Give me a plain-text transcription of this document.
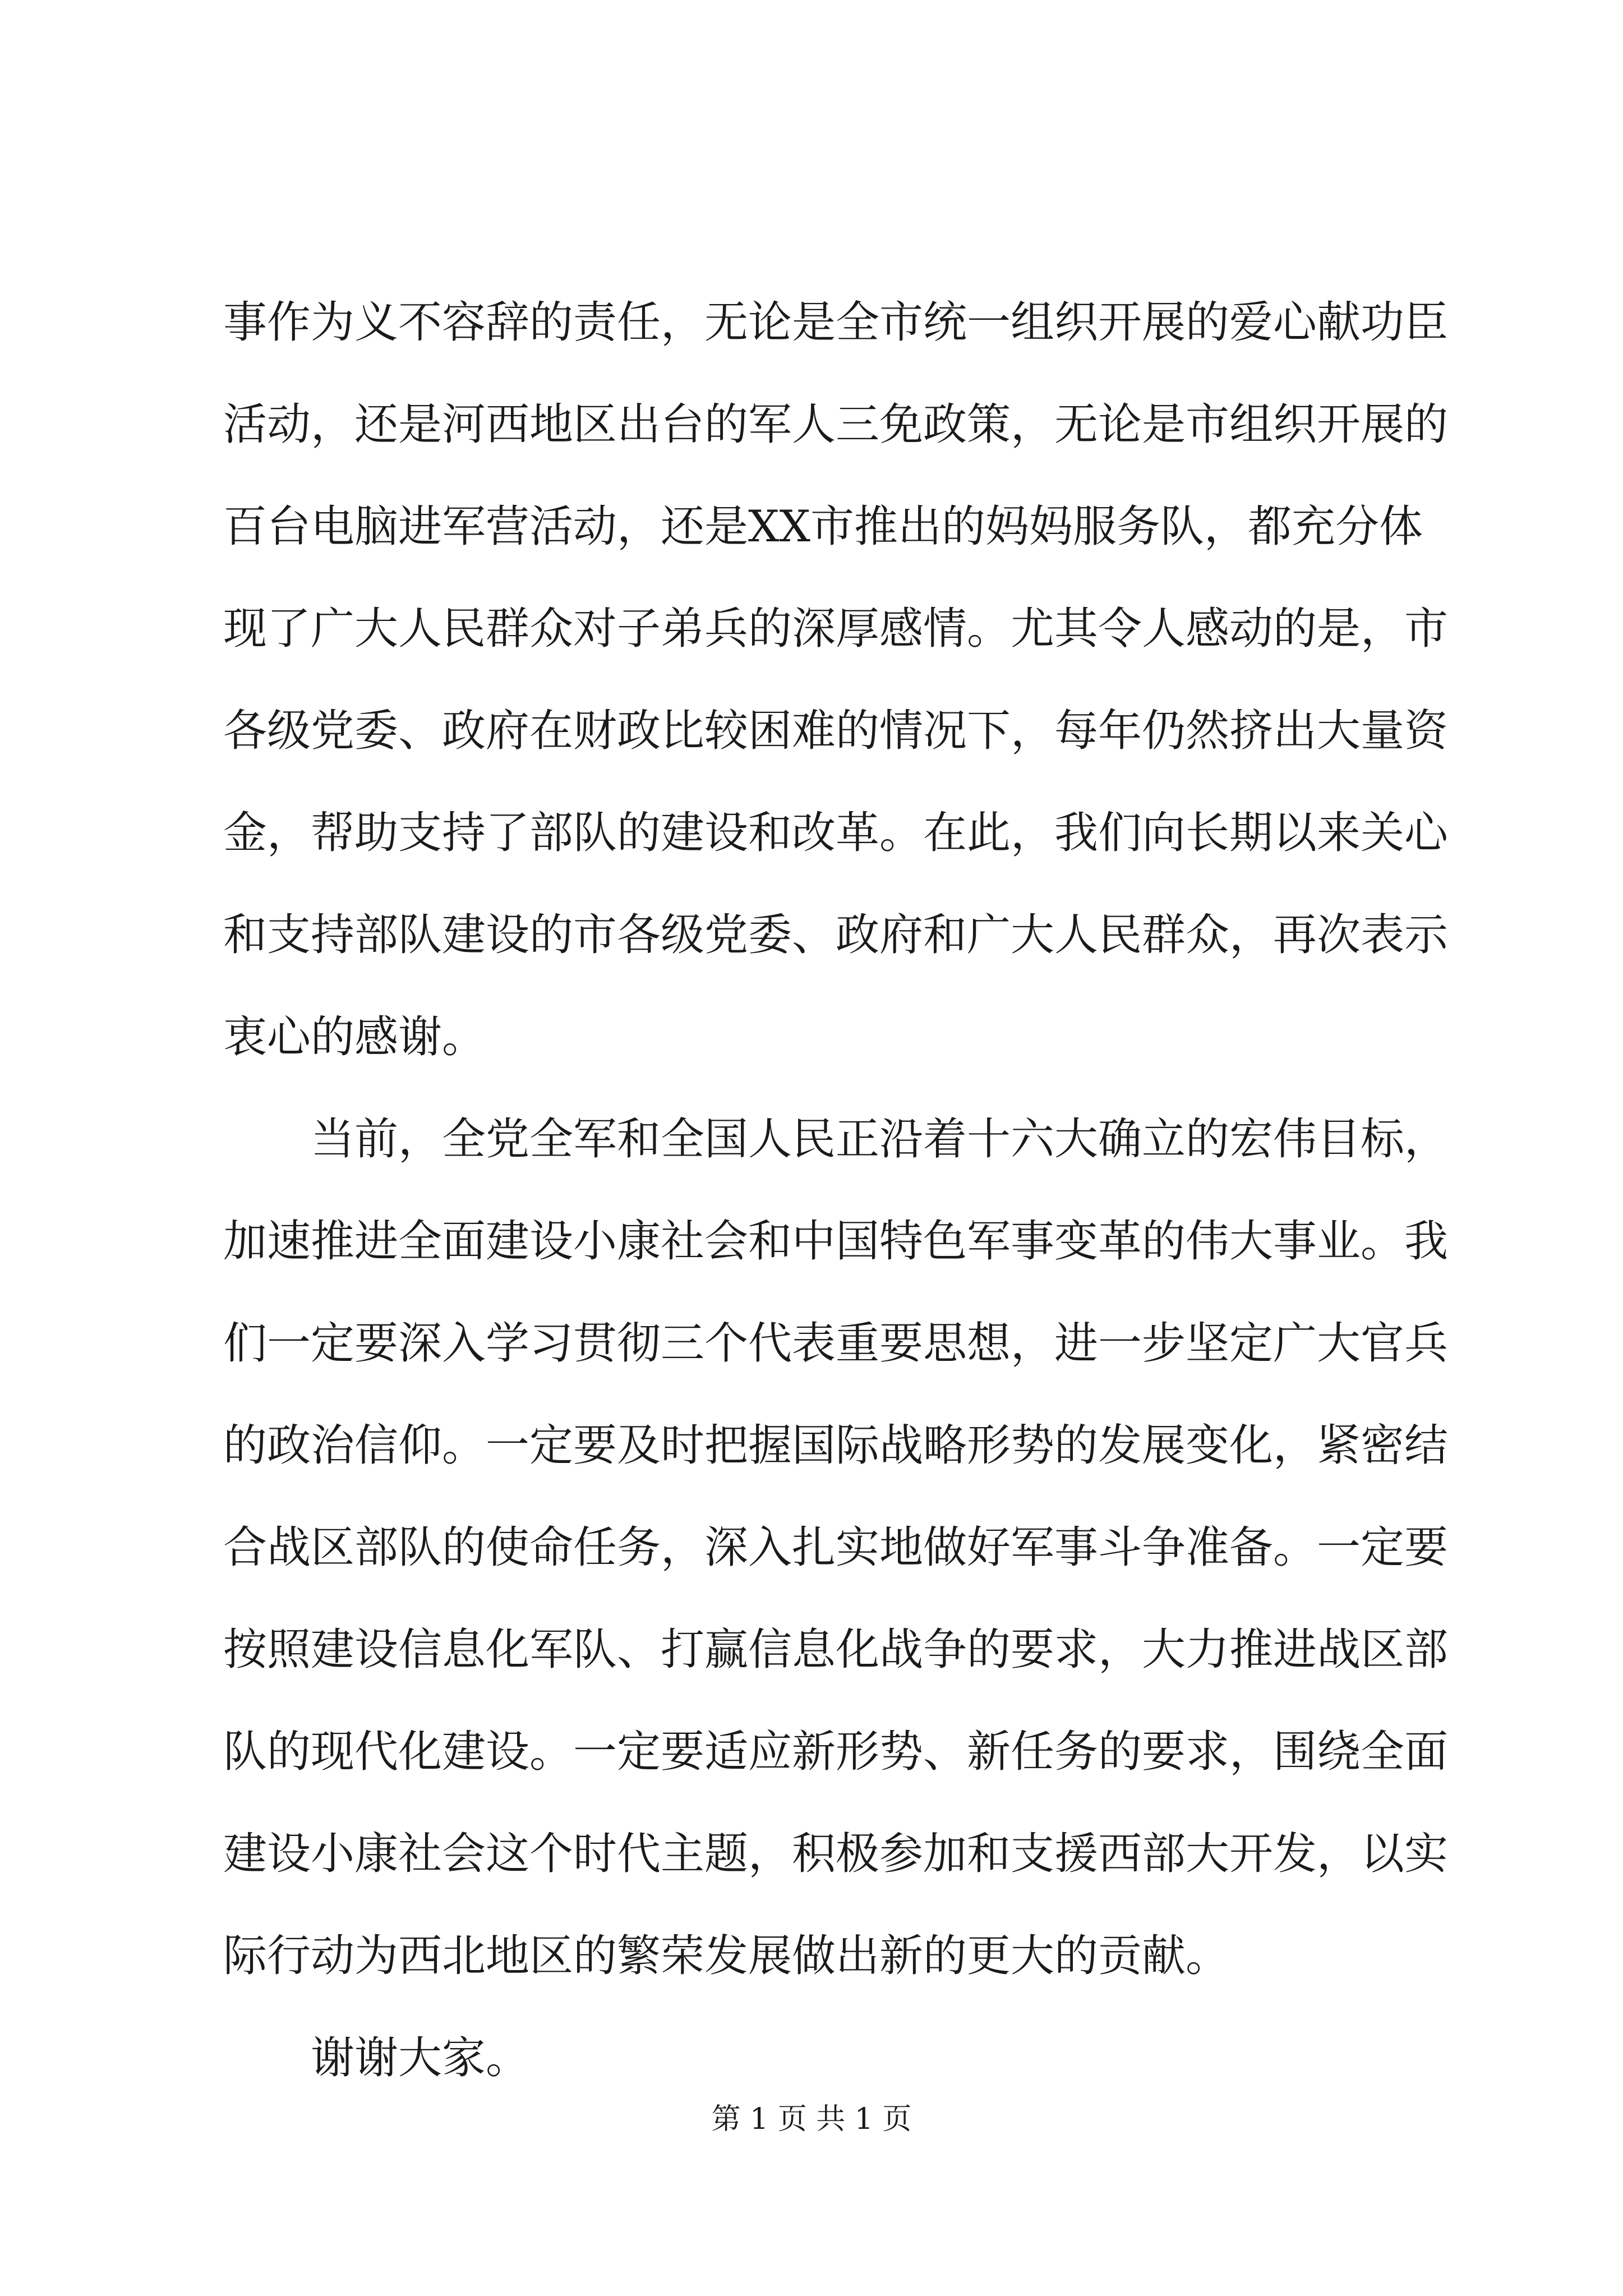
事作为义不容辞的责任，无论是全市统一组织开展的爱心献功臣
活动，还是河西地区出台的军人三免政策，无论是市组织开展的
百台电脑进军营活动，还是XX市推出的妈妈服务队，都充分体
现了广大人民群众对子弟兵的深厚感情。尤其令人感动的是，市
各级党委、政府在财政比较困难的情况下，每年仍然挤出大量资
金，帮助支持了部队的建设和改革。在此，我们向长期以来关心
和支持部队建设的市各级党委、政府和广大人民群众，再次表示
衷心的感谢。
当前，全党全军和全国人民正沿着十六大确立的宏伟目标，
加速推进全面建设小康社会和中国特色军事变革的伟大事业。我
们一定要深入学习贯彻三个代表重要思想，进一步坚定广大官兵
的政治信仰。一定要及时把握国际战略形势的发展变化，紧密结
合战区部队的使命任务，深入扎实地做好军事斗争准备。一定要
按照建设信息化军队、打赢信息化战争的要求，大力推进战区部
队的现代化建设。一定要适应新形势、新任务的要求，围绕全面
建设小康社会这个时代主题，积极参加和支援西部大开发，以实
际行动为西北地区的繁荣发展做出新的更大的贡献。
谢谢大家。
第 1 页 共 1 页
